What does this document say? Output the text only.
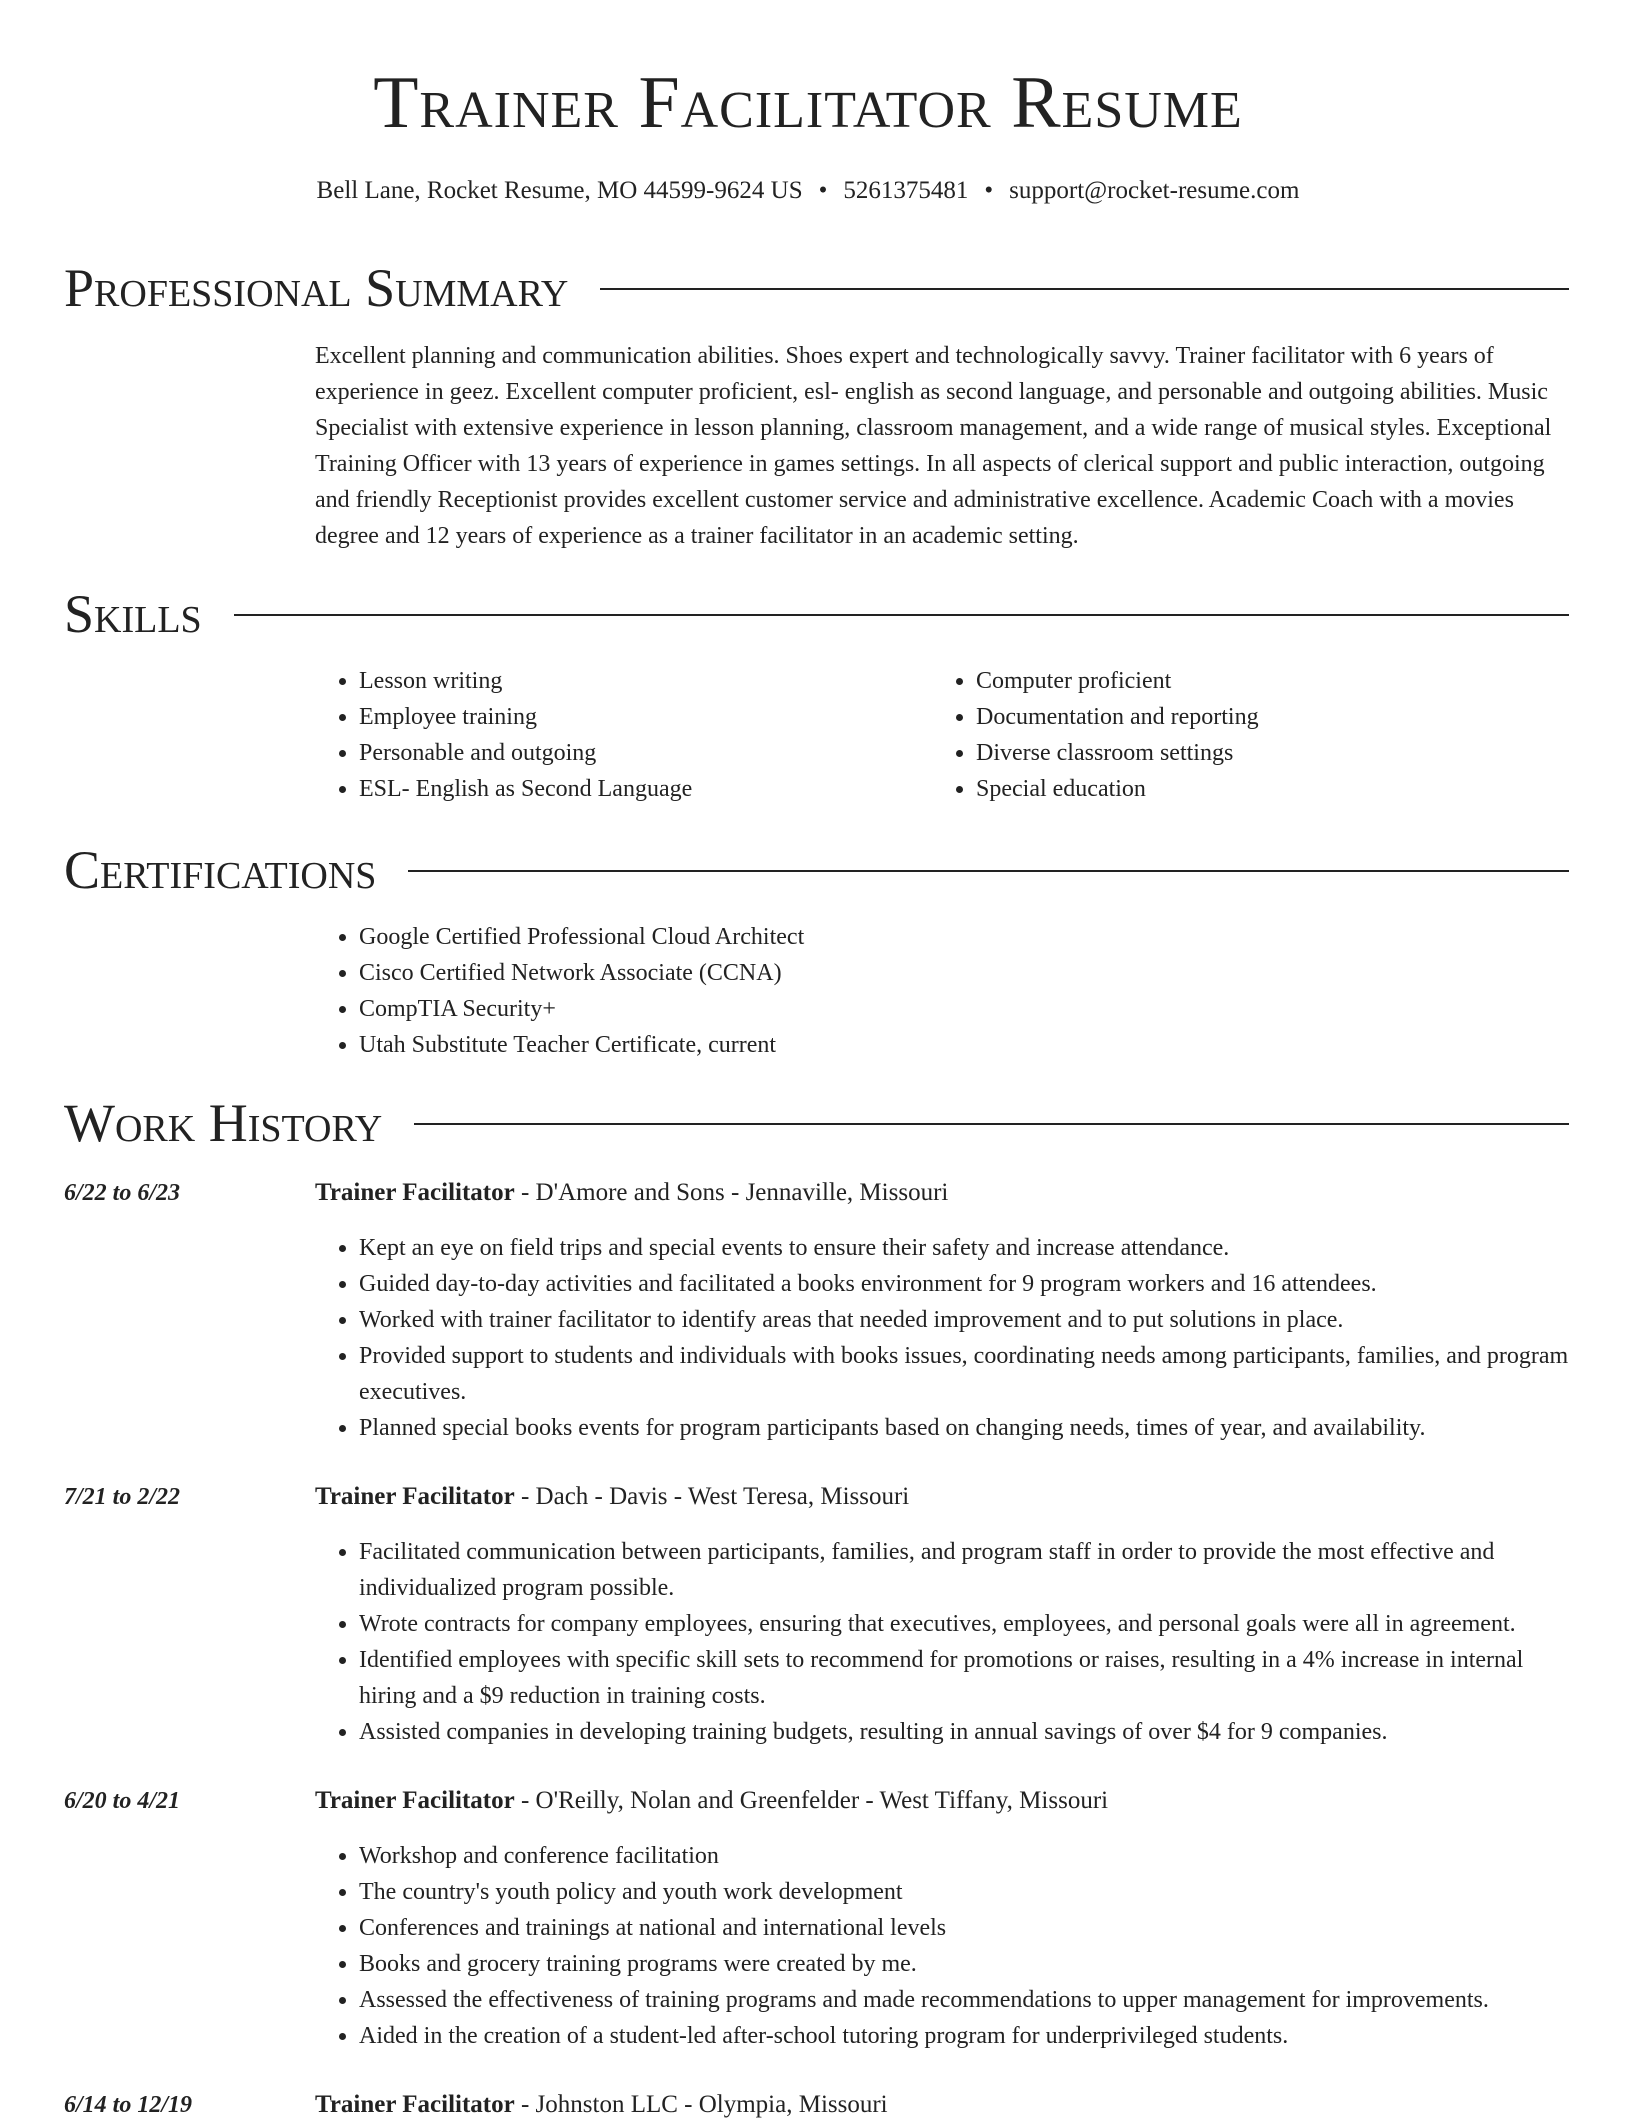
Trainer Facilitator Resume
Bell Lane, Rocket Resume, MO 44599-9624 US • 5261375481 • support@rocket-resume.com
Professional Summary

Excellent planning and communication abilities. Shoes expert and technologically savvy. Trainer facilitator with 6 years of experience in geez. Excellent computer proficient, esl- english as second language, and personable and outgoing abilities. Music Specialist with extensive experience in lesson planning, classroom management, and a wide range of musical styles. Exceptional Training Officer with 13 years of experience in games settings. In all aspects of clerical support and public interaction, outgoing and friendly Receptionist provides excellent customer service and administrative excellence. Academic Coach with a movies degree and 12 years of experience as a trainer facilitator in an academic setting.

Skills
• Lesson writing
• Employee training
• Personable and outgoing
• ESL- English as Second Language
• Computer proficient
• Documentation and reporting
• Diverse classroom settings
• Special education
Certifications
• Google Certified Professional Cloud Architect
• Cisco Certified Network Associate (CCNA)
• CompTIA Security+
• Utah Substitute Teacher Certificate, current
Work History
6/22 to 6/23	Trainer Facilitator - D'Amore and Sons - Jennaville, Missouri
• Kept an eye on field trips and special events to ensure their safety and increase attendance.
• Guided day-to-day activities and facilitated a books environment for 9 program workers and 16 attendees.
• Worked with trainer facilitator to identify areas that needed improvement and to put solutions in place.
• Provided support to students and individuals with books issues, coordinating needs among participants, families, and program executives.
• Planned special books events for program participants based on changing needs, times of year, and availability.
7/21 to 2/22	Trainer Facilitator - Dach - Davis - West Teresa, Missouri
• Facilitated communication between participants, families, and program staff in order to provide the most effective and individualized program possible.
• Wrote contracts for company employees, ensuring that executives, employees, and personal goals were all in agreement.
• Identified employees with specific skill sets to recommend for promotions or raises, resulting in a 4% increase in internal hiring and a $9 reduction in training costs.
• Assisted companies in developing training budgets, resulting in annual savings of over $4 for 9 companies.
6/20 to 4/21	Trainer Facilitator - O'Reilly, Nolan and Greenfelder - West Tiffany, Missouri
• Workshop and conference facilitation
• The country's youth policy and youth work development
• Conferences and trainings at national and international levels
• Books and grocery training programs were created by me.
• Assessed the effectiveness of training programs and made recommendations to upper management for improvements.
• Aided in the creation of a student-led after-school tutoring program for underprivileged students.
6/14 to 12/19	Trainer Facilitator - Johnston LLC - Olympia, Missouri
